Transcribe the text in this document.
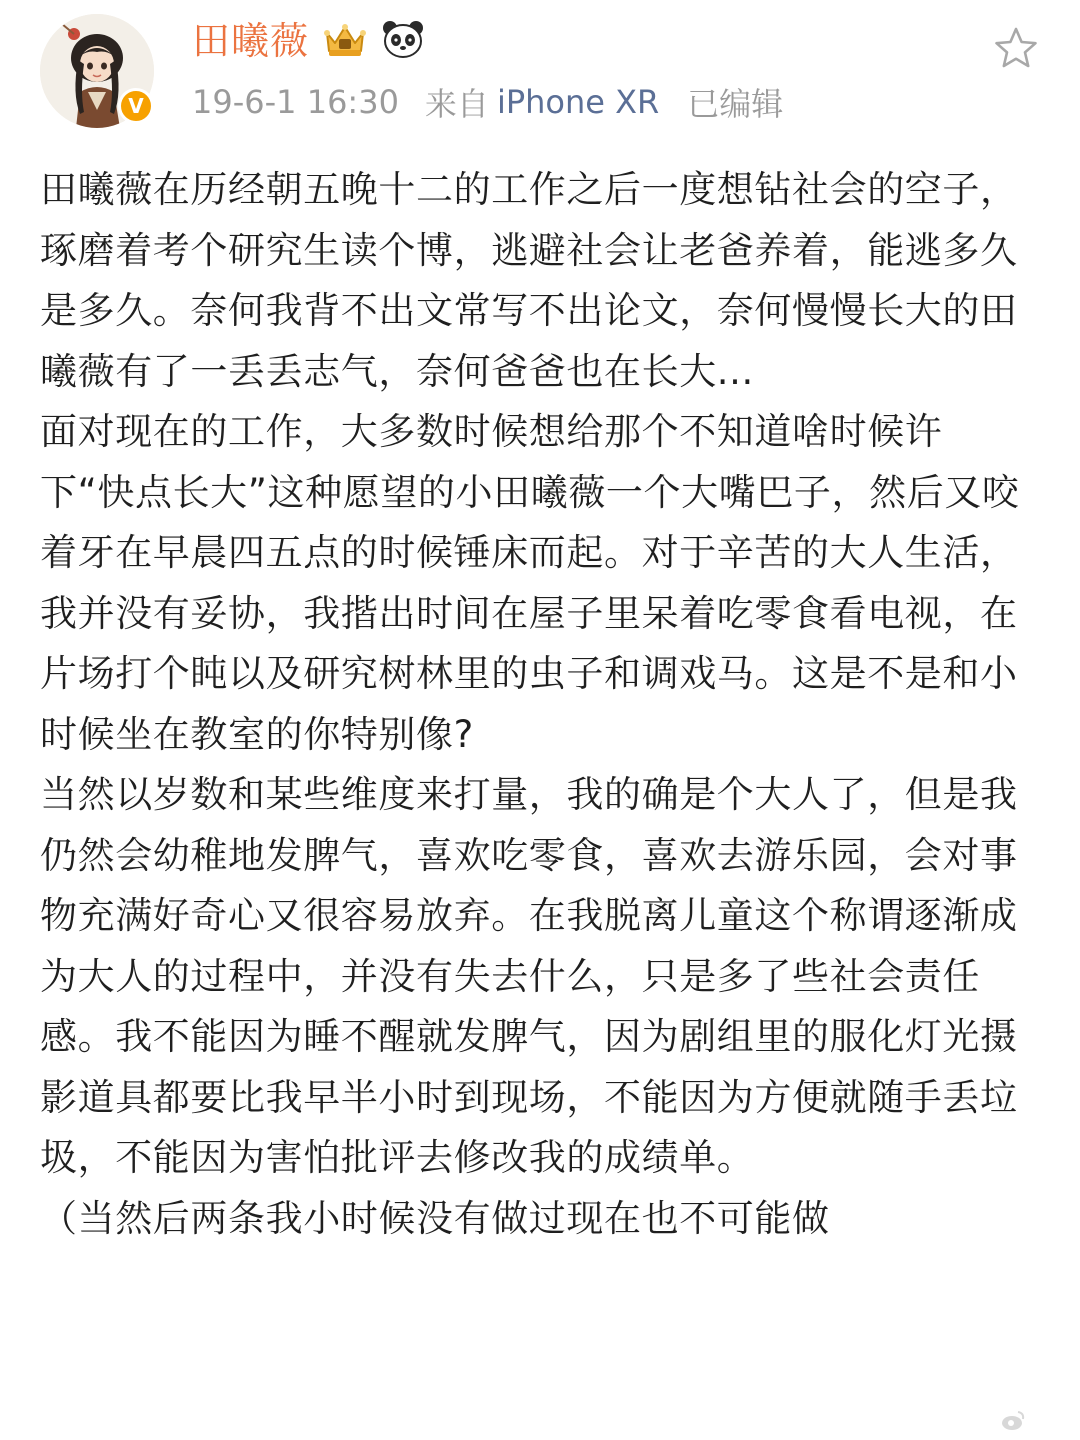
V
田曦薇
19-6-1 16:30 来自 iPhone XR 已编辑

田曦薇在历经朝五晚十二的工作之后一度想钻社会的空子，琢磨着考个研究生读个博，逃避社会让老爸养着，能逃多久是多久。奈何我背不出文常写不出论文，奈何慢慢长大的田曦薇有了一丢丢志气，奈何爸爸也在长大...

面对现在的工作，大多数时候想给那个不知道啥时候许下“快点长大”这种愿望的小田曦薇一个大嘴巴子，然后又咬着牙在早晨四五点的时候锤床而起。对于辛苦的大人生活，我并没有妥协，我揩出时间在屋子里呆着吃零食看电视，在片场打个盹以及研究树林里的虫子和调戏马。这是不是和小时候坐在教室的你特别像?

当然以岁数和某些维度来打量，我的确是个大人了，但是我仍然会幼稚地发脾气，喜欢吃零食，喜欢去游乐园，会对事物充满好奇心又很容易放弃。在我脱离儿童这个称谓逐渐成为大人的过程中，并没有失去什么，只是多了些社会责任感。我不能因为睡不醒就发脾气，因为剧组里的服化灯光摄影道具都要比我早半小时到现场，不能因为方便就随手丢垃圾，不能因为害怕批评去修改我的成绩单。

（当然后两条我小时候没有做过现在也不可能做
